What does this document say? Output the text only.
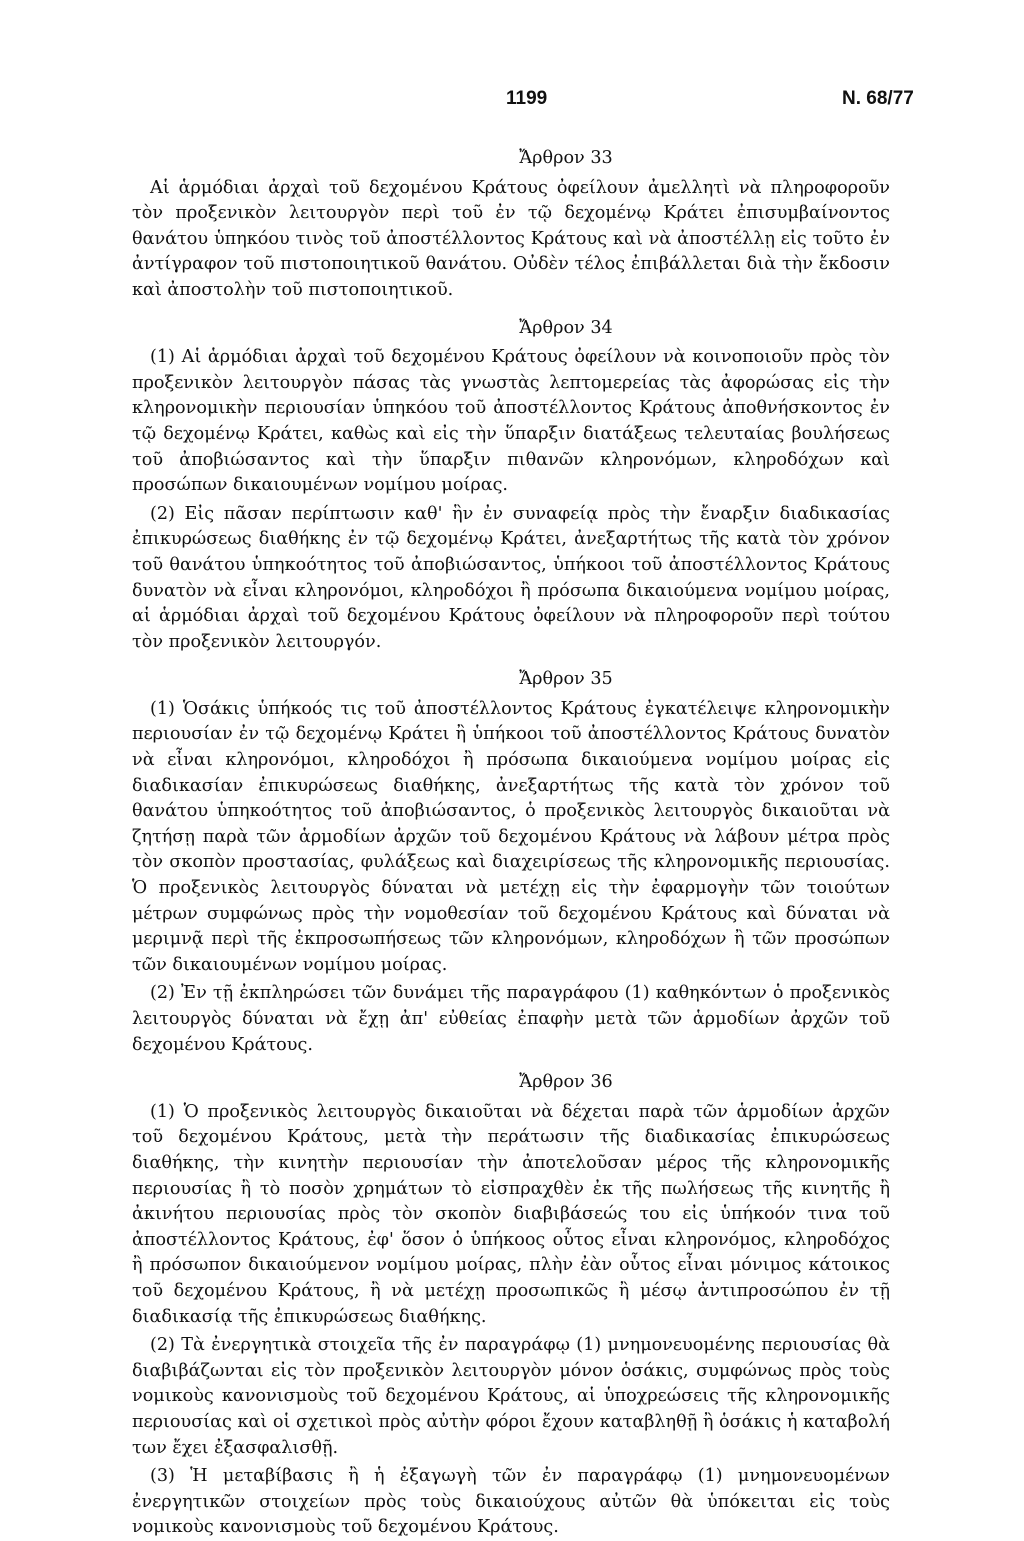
1199	N. 68/77
Ἄρθρον 33

Αἱ ἁρμόδιαι ἀρχαὶ τοῦ δεχομένου Κράτους ὀφείλουν ἀμελλητὶ νὰ πληροφοροῦν τὸν προξενικὸν λειτουργὸν περὶ τοῦ ἐν τῷ δεχομένῳ Κράτει ἐπισυμβαίνοντος θανάτου ὑπηκόου τινὸς τοῦ ἀποστέλλοντος Κράτους καὶ νὰ ἀποστέλλῃ εἰς τοῦτο ἐν ἀντίγραφον τοῦ πιστοποιητικοῦ θανάτου. Οὐδὲν τέλος ἐπιβάλλεται διὰ τὴν ἔκδοσιν καὶ ἀποστολὴν τοῦ πιστοποιητικοῦ.

Ἄρθρον 34

(1) Αἱ ἁρμόδιαι ἀρχαὶ τοῦ δεχομένου Κράτους ὀφείλουν νὰ κοινοποιοῦν πρὸς τὸν προξενικὸν λειτουργὸν πάσας τὰς γνωστὰς λεπτομερείας τὰς ἀφορώσας εἰς τὴν κληρονομικὴν περιουσίαν ὑπηκόου τοῦ ἀποστέλλοντος Κράτους ἀποθνήσκοντος ἐν τῷ δεχομένῳ Κράτει, καθὼς καὶ εἰς τὴν ὕπαρξιν διατάξεως τελευταίας βουλήσεως τοῦ ἀποβιώσαντος καὶ τὴν ὕπαρξιν πιθανῶν κληρονόμων, κληροδόχων καὶ προσώπων δικαιουμένων νομίμου μοίρας.

(2) Εἰς πᾶσαν περίπτωσιν καθ' ἣν ἐν συναφείᾳ πρὸς τὴν ἔναρξιν διαδικασίας ἐπικυρώσεως διαθήκης ἐν τῷ δεχομένῳ Κράτει, ἀνεξαρτήτως τῆς κατὰ τὸν χρόνον τοῦ θανάτου ὑπηκοότητος τοῦ ἀποβιώσαντος, ὑπήκοοι τοῦ ἀποστέλλοντος Κράτους δυνατὸν νὰ εἶναι κληρονόμοι, κληροδόχοι ἢ πρόσωπα δικαιούμενα νομίμου μοίρας, αἱ ἁρμόδιαι ἀρχαὶ τοῦ δεχομένου Κράτους ὀφείλουν νὰ πληροφοροῦν περὶ τούτου τὸν προξενικὸν λειτουργόν.

Ἄρθρον 35

(1) Ὁσάκις ὑπήκοός τις τοῦ ἀποστέλλοντος Κράτους ἐγκατέλειψε κληρονομικὴν περιουσίαν ἐν τῷ δεχομένῳ Κράτει ἢ ὑπήκοοι τοῦ ἀποστέλλοντος Κράτους δυνατὸν νὰ εἶναι κληρονόμοι, κληροδόχοι ἢ πρόσωπα δικαιούμενα νομίμου μοίρας εἰς διαδικασίαν ἐπικυρώσεως διαθήκης, ἀνεξαρτήτως τῆς κατὰ τὸν χρόνον τοῦ θανάτου ὑπηκοότητος τοῦ ἀποβιώσαντος, ὁ προξενικὸς λειτουργὸς δικαιοῦται νὰ ζητήσῃ παρὰ τῶν ἁρμοδίων ἀρχῶν τοῦ δεχομένου Κράτους νὰ λάβουν μέτρα πρὸς τὸν σκοπὸν προστασίας, φυλάξεως καὶ διαχειρίσεως τῆς κληρονομικῆς περιουσίας. Ὁ προξενικὸς λειτουργὸς δύναται νὰ μετέχῃ εἰς τὴν ἐφαρμογὴν τῶν τοιούτων μέτρων συμφώνως πρὸς τὴν νομοθεσίαν τοῦ δεχομένου Κράτους καὶ δύναται νὰ μεριμνᾷ περὶ τῆς ἐκπροσωπήσεως τῶν κληρονόμων, κληροδόχων ἢ τῶν προσώπων τῶν δικαιουμένων νομίμου μοίρας.

(2) Ἐν τῇ ἐκπληρώσει τῶν δυνάμει τῆς παραγράφου (1) καθηκόντων ὁ προξενικὸς λειτουργὸς δύναται νὰ ἔχῃ ἀπ' εὐθείας ἐπαφὴν μετὰ τῶν ἁρμοδίων ἀρχῶν τοῦ δεχομένου Κράτους.

Ἄρθρον 36

(1) Ὁ προξενικὸς λειτουργὸς δικαιοῦται νὰ δέχεται παρὰ τῶν ἁρμοδίων ἀρχῶν τοῦ δεχομένου Κράτους, μετὰ τὴν περάτωσιν τῆς διαδικασίας ἐπικυρώσεως διαθήκης, τὴν κινητὴν περιουσίαν τὴν ἀποτελοῦσαν μέρος τῆς κληρονομικῆς περιουσίας ἢ τὸ ποσὸν χρημάτων τὸ εἰσπραχθὲν ἐκ τῆς πωλήσεως τῆς κινητῆς ἢ ἀκινήτου περιουσίας πρὸς τὸν σκοπὸν διαβιβάσεώς του εἰς ὑπήκοόν τινα τοῦ ἀποστέλλοντος Κράτους, ἐφ' ὅσον ὁ ὑπήκοος οὗτος εἶναι κληρονόμος, κληροδόχος ἢ πρόσωπον δικαιούμενον νομίμου μοίρας, πλὴν ἐὰν οὗτος εἶναι μόνιμος κάτοικος τοῦ δεχομένου Κράτους, ἢ νὰ μετέχῃ προσωπικῶς ἢ μέσῳ ἀντιπροσώπου ἐν τῇ διαδικασίᾳ τῆς ἐπικυρώσεως διαθήκης.

(2) Τὰ ἐνεργητικὰ στοιχεῖα τῆς ἐν παραγράφῳ (1) μνημονευομένης περιουσίας θὰ διαβιβάζωνται εἰς τὸν προξενικὸν λειτουργὸν μόνον ὁσάκις, συμφώνως πρὸς τοὺς νομικοὺς κανονισμοὺς τοῦ δεχομένου Κράτους, αἱ ὑποχρεώσεις τῆς κληρονομικῆς περιουσίας καὶ οἱ σχετικοὶ πρὸς αὐτὴν φόροι ἔχουν καταβληθῇ ἢ ὁσάκις ἡ καταβολή των ἔχει ἐξασφαλισθῇ.

(3) Ἡ μεταβίβασις ἢ ἡ ἐξαγωγὴ τῶν ἐν παραγράφῳ (1) μνημονευομένων ἐνεργητικῶν στοιχείων πρὸς τοὺς δικαιούχους αὐτῶν θὰ ὑπόκειται εἰς τοὺς νομικοὺς κανονισμοὺς τοῦ δεχομένου Κράτους.
